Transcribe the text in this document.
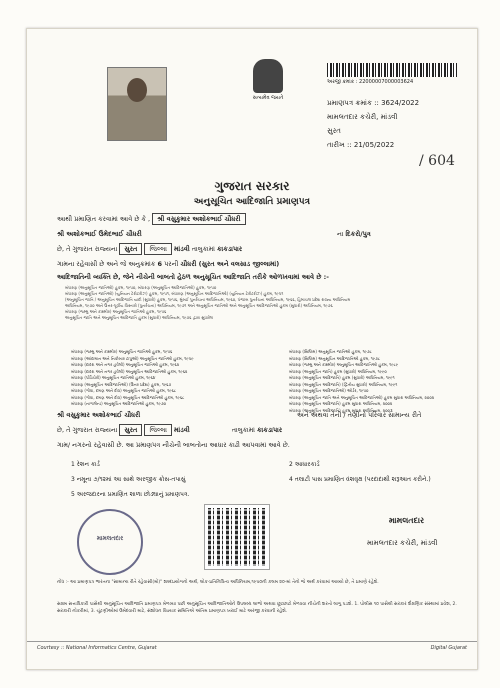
સત્યમેવ જયતે
અરજી ક્રમાંક : 22000007000003624
પ્રમાણપત્ર ક્રમાંક :: 3624/2022
મામલતદાર કચેરી, માંડવી
સુરત
તારીખ :: 21/05/2022
/ 604
ગુજરાત સરકાર
અનુસૂચિત આદિજાતિ પ્રમાણપત્ર
આથી પ્રમાણિત કરવામાં આવે છે કે , શ્રી વસુકુમાર અશોકભાઈ ચૌધરી
શ્રી અશોકભાઈ ઉમેદભાઈ ચૌધરી	ના દિકરો/પુત્ર
છે, તે ગુજરાત રાજ્યના સુરત જિલ્લા માંડવી તાલુકામાં કાકડાપાર
ગામના રહેવાસી છે અને જે અનુક્રમાંક 6 પરની ચૌધરી (સુરત અને વલસાડ જીલ્લામાં)
આદિજાતિની વ્યક્તિ છે, જેને નીચેની બાબતો હેઠળ અનુસૂચિત આદિજાતિ તરીકે ઓળખવામાં આવે છે :-
બંધારણ (અનુસૂચિત જાતિઓ) હુકમ, ૧૯૫૦, બંધારણ (અનુસૂચિત આદિજાતિઓ) હુકમ, ૧૯૫૦
બંધારણ (અનુસૂચિત જાતિઓ) (યુનિયન ટેરીટરીઝ) હુકમ, ૧૯૫૧, બંધારણ (અનુસૂચિત આદિજાતિઓ) (યુનિયન ટેરીટરીઝ) હુકમ, ૧૯૫૧
(અનુસૂચિત જાતિ / અનુસૂચિત આદિજાતિ યાદી (સુધારો) હુકમ, ૧૯૫૬, મુંબઈ પુનર્રચના અધિનિયમ, ૧૯૬૦, પંજાબ પુનર્રચના અધિનિયમ, ૧૯૬૬, હિમાચલ પ્રદેશ રાજ્ય અધિનિયમ
અધિનિયમ, ૧૯૭૦ અને ઉત્તર-પૂર્વીય વિસ્તારો (પુનર્રચના) અધિનિયમ, ૧૯૭૧ અને અનુસૂચિત જાતિઓ અને અનુસૂચિત આદિજાતિઓ હુકમ (સુધારો) અધિનિયમ, ૧૯૭૬
બંધારણ (જમ્મુ અને કાશ્મીર) અનુસૂચિત જાતિઓ હુકમ, ૧૯૫૬
અનુસૂચિત જાતિ અને અનુસૂચિત આદિજાતિ હુકમ (સુધારો) અધિનિયમ, ૧૯૭૬ દ્વારા સુધારેલ
બંધારણ (જમ્મુ અને કાશ્મીર) અનુસૂચિત જાતિઓ હુકમ, ૧૯૫૬
બંધારણ (આંદામાન અને નિકોબાર ટાપુઓ) અનુસૂચિત જાતિઓ હુકમ, ૧૯૫૯
બંધારણ (દાદરા અને નગર હવેલી) અનુસૂચિત જાતિઓ હુકમ, ૧૯૬૨
બંધારણ (દાદરા અને નગર હવેલી) અનુસૂચિત આદિજાતિઓ હુકમ, ૧૯૬૨
બંધારણ (પોંડિચેરી) અનુસૂચિત જાતિઓ હુકમ, ૧૯૬૪
બંધારણ (અનુસૂચિત આદિજાતિઓ) (ઉત્તર પ્રદેશ) હુકમ, ૧૯૬૭
બંધારણ (ગોવા, દમણ અને દીવ) અનુસૂચિત જાતિઓ હુકમ, ૧૯૬૮
બંધારણ (ગોવા, દમણ અને દીવ) અનુસૂચિત આદિજાતિઓ હુકમ, ૧૯૬૮
બંધારણ (નાગાલેન્ડ) અનુસૂચિત આદિજાતિઓ હુકમ, ૧૯૭૦
બંધારણ (સિક્કિમ) અનુસૂચિત જાતિઓ હુકમ, ૧૯૭૮
બંધારણ (સિક્કિમ) અનુસૂચિત આદિજાતિઓ હુકમ, ૧૯૭૮
બંધારણ (જમ્મુ અને કાશ્મીર) અનુસૂચિત આદિજાતિઓ હુકમ, ૧૯૮૯
બંધારણ (અનુસૂચિત જાતિ) હુકમ (સુધારો) અધિનિયમ, ૧૯૯૦
બંધારણ (અનુસૂચિત આદિજાતિ) હુકમ (સુધારો) અધિનિયમ, ૧૯૯૧
બંધારણ (અનુસૂચિત આદિજાતિ) (દ્વિતીય સુધારો) અધિનિયમ, ૧૯૯૧
બંધારણ (અનુસૂચિત આદિજાતિઓ) ઓર્ડર, ૧૯૫૦
બંધારણ (અનુસૂચિત જાતિ અને અનુસૂચિત આદિજાતિઓ) હુકમ સુધારા અધિનિયમ, ૨૦૦૨
બંધારણ (અનુસૂચિત આદિજાતિ) હુકમ સુધારા અધિનિયમ, ૨૦૦૨
બંધારણ (અનુસૂચિત આદિજાતિ) હુકમ સુધારા અધિનિયમ, ૨૦૦૩
શ્રી વસુકુમાર અશોકભાઈ ચૌધરી	અને અથવા તેની / તેણીનો પરિવાર સામાન્ય રીતે
છે, તે ગુજરાત રાજ્યના સુરત જિલ્લા માંડવી	તાલુકામાં કાકડાપાર
ગામ/ નગરનો રહેવાસી છે. આ પ્રમાણપત્ર નીચેની બાબતોના આધાર કાઢી આપવામાં આવે છે.
1 રેશન કાર્ડ	2 આધારકાર્ડ
3 નમૂના ૭/૧૨માં આ સાથે અરજીક ક્રોસ-તપાસું	4 તલાટી પાસ પ્રમાણિત વંશવૃક્ષ (પરદાદાથી શરૂઆત કરીને.)
5 અરજદારના પ્રમાણિત શાળા છોડ્યાનું પ્રમાણપત્ર.
મામલતદાર
મામલતદાર
મામલતદાર કચેરી, માંડવી
નોંધ :- આ પ્રમાણપત્ર ભારતના "સામાન્ય રીતે રહેવાસી(મો)" શબ્દપ્રયોગનો અર્થ, લોક-પ્રતિનિધિત્વ અધિનિયમ,૧૯૫૦ની કલમ ૨૦-માં તેનો જે અર્થ કરવામાં આવ્યો છે, તે પ્રમાણે રહેશે.
સક્ષમ સત્તાધિકારી પાસેથી અનુસૂચિત આદિજાતિ પ્રમાણપત્ર મેળવ્યા પછી અનુસૂચિત આદિજાતિઓને ઉપલબ્ધ લાભો અથવા છૂટછાટો મેળવવા નીચેની શરતો લાગુ પડશે. 1. પોલીસ ૧૦ પાસેથી સરકાર શૈક્ષણિક સંસ્થામાં પ્રવેશ, 2. સરકારી નોકરીમાં, 3. ચૂંટણીઓમાં ઉમેદવારી માટે, સંશોધન વિષયક સમિતિએ અંતિમ પ્રમાણપત્ર ખરાઈ માટે અરજી કરવાની રહેશે.
Courtesy :: National Informatics Centre, Gujarat	Digital Gujarat
